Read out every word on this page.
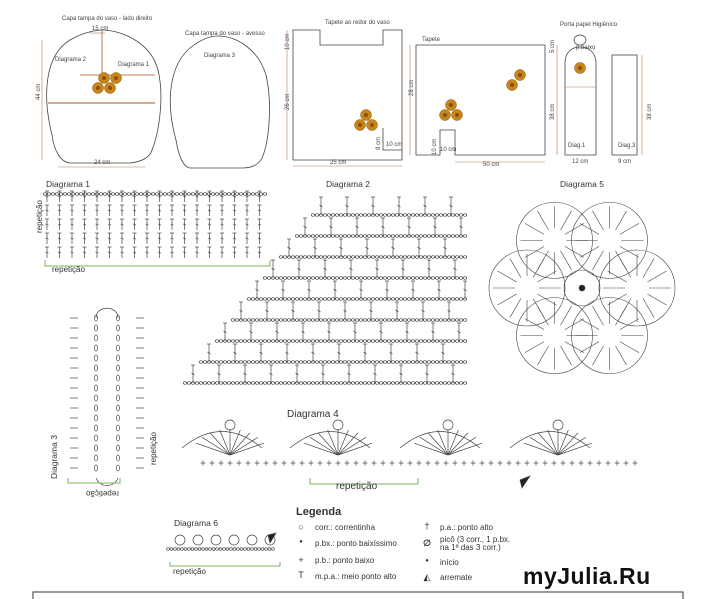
Capa tampa do vaso - lado direito
15 cm
Diagrama 2
Diagrama 1
44 cm
24 cm
Capa tampa do vaso - avesso
Diagrama 3
Tapete ao redor do vaso
10 cm
26 cm
8 cm 10 cm
25 cm
Tapete
28 cm
10 cm 10 cm
50 cm
Porta papel Higiênico
p.baixo
5 cm
38 cm	38 cm
12 cm	9 cm
Diag.1	Diag.3
Diagrama 1
repetição
repetição
Diagrama 2	Diagrama 5
Diagrama 3	repetição
repetição
Diagrama 4
repetição
Diagrama 6
repetição
Legenda
○	corr.: correntinha
●	p.bx.: ponto baixíssimo
+	p.b.: ponto baixo
T	m.p.a.: meio ponto alto
†	p.a.: ponto alto
ⵁ	picô (3 corr., 1 p.bx.
na 1ª das 3 corr.)
●	início
◭	arremate myJulia.Ru
